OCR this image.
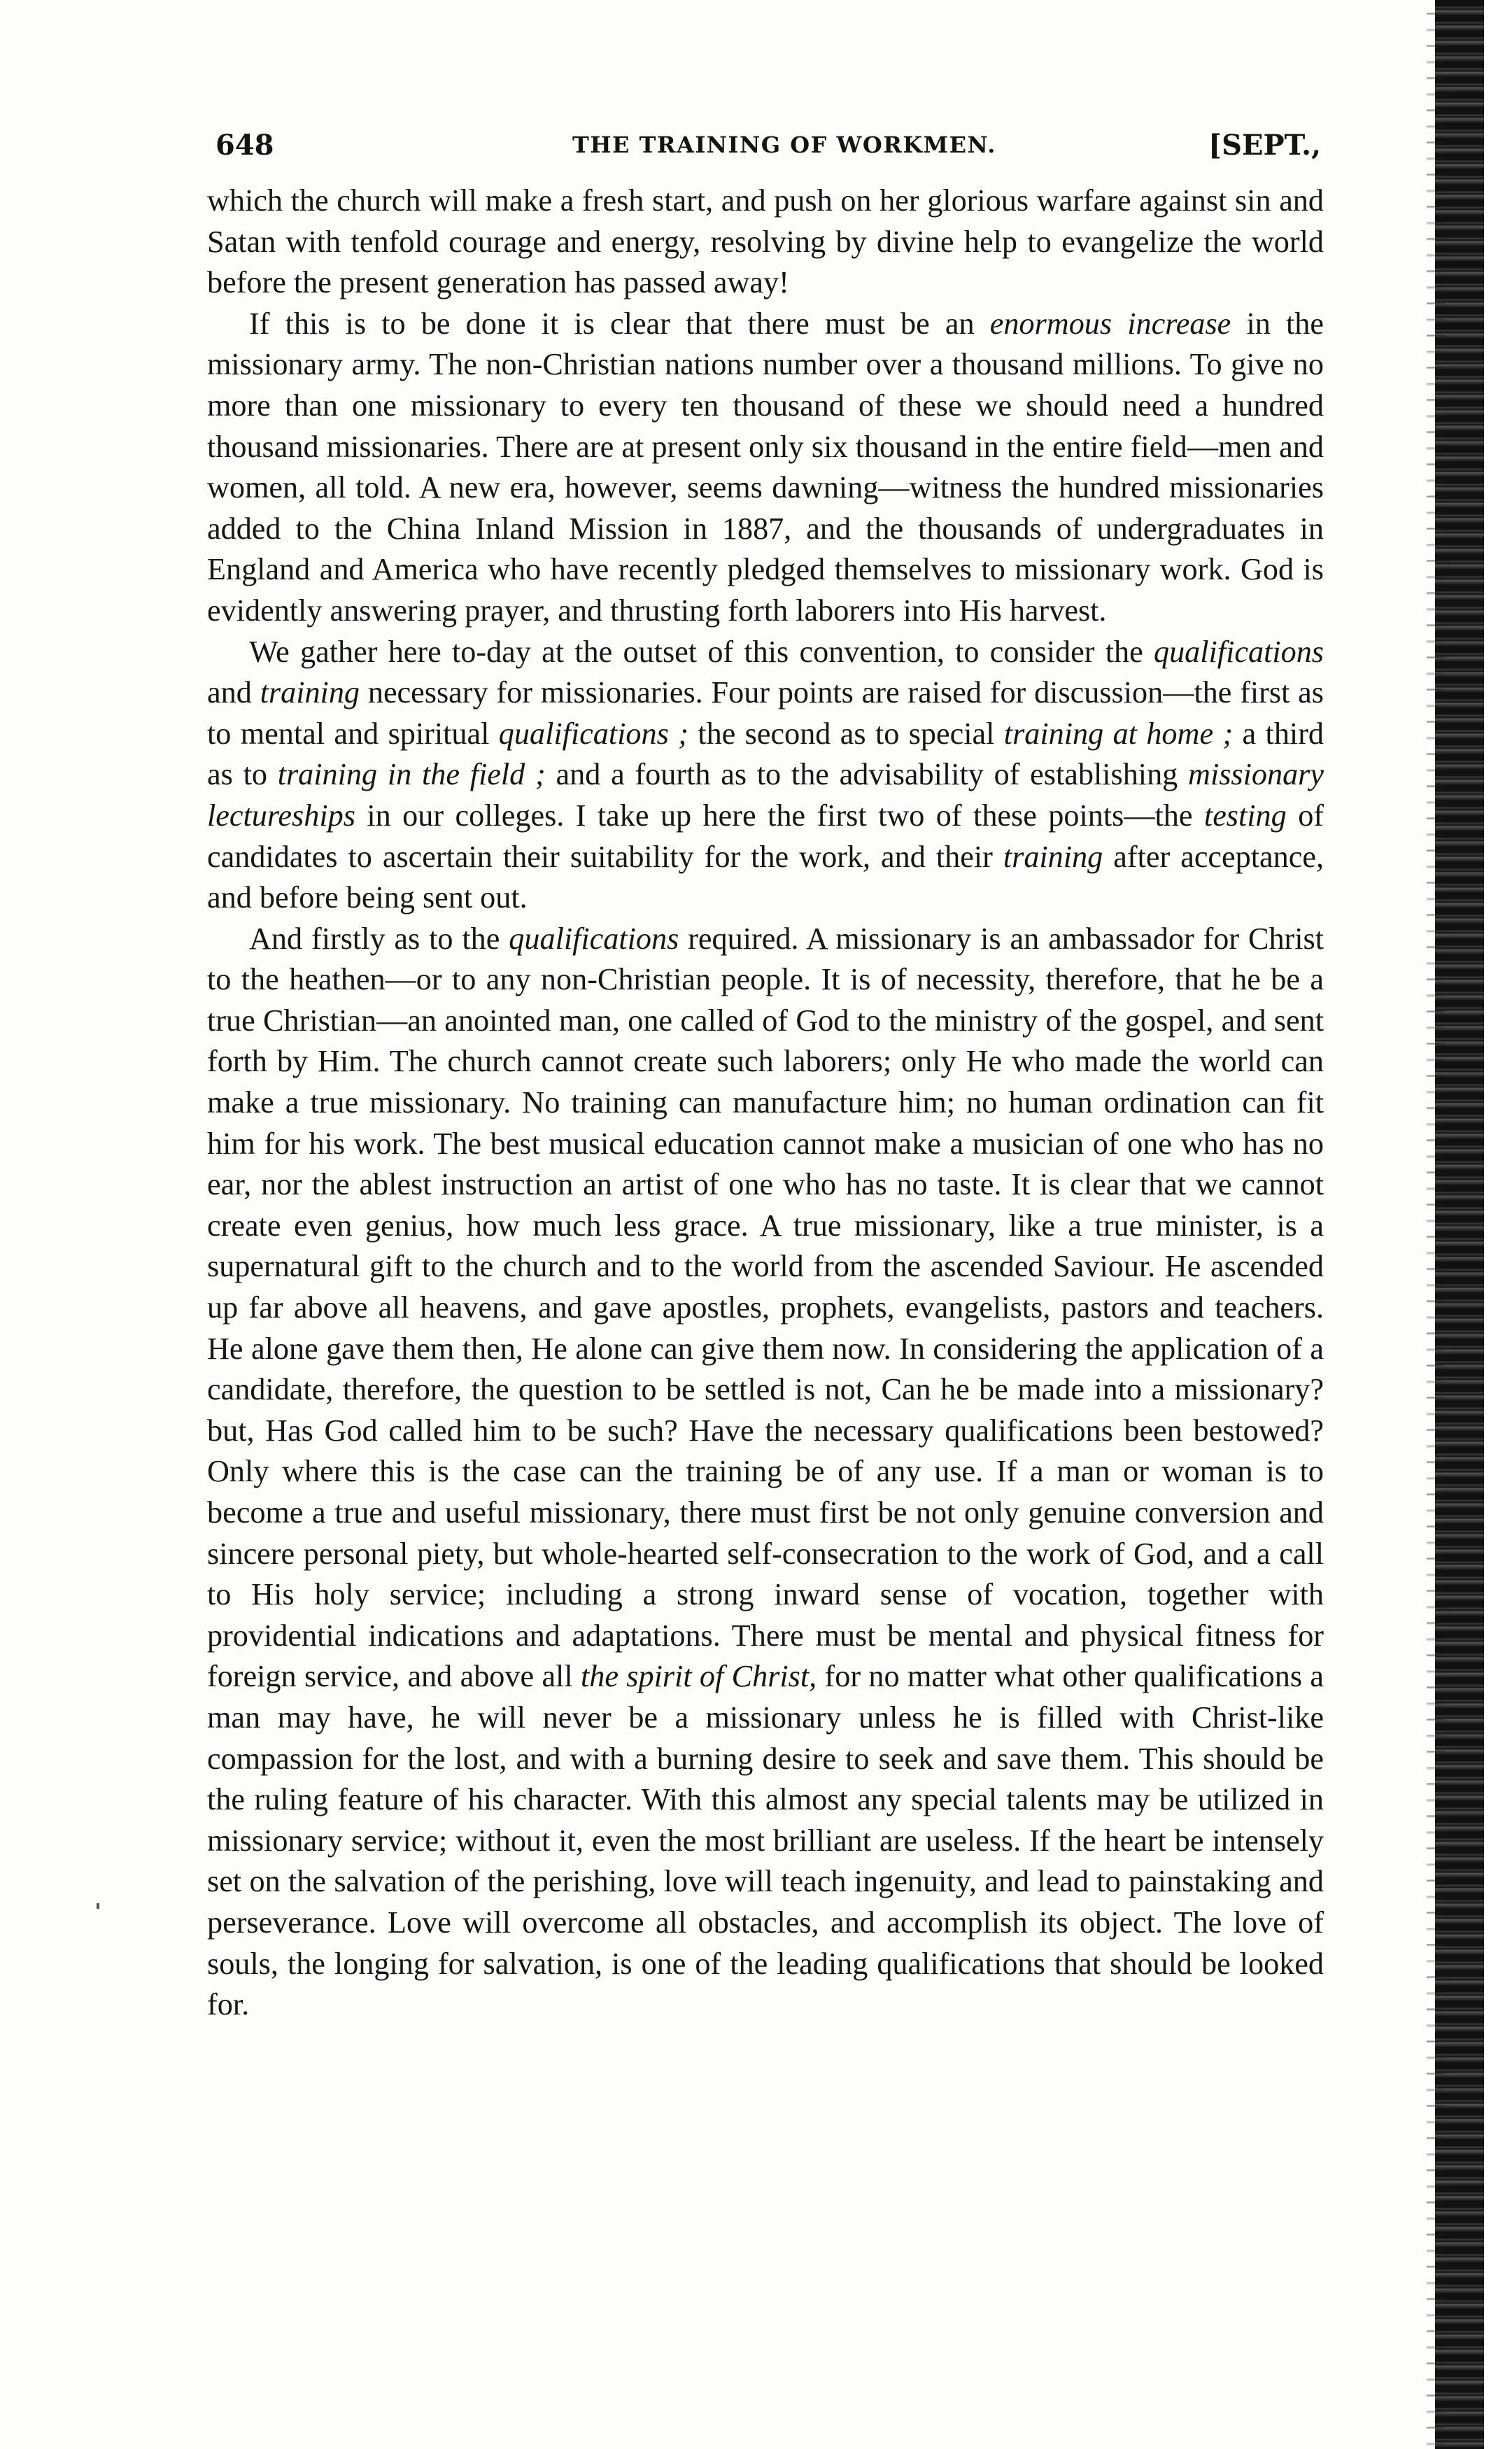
648	THE TRAINING OF WORKMEN.	[SEPT.,

which the church will make a fresh start, and push on her glorious warfare against sin and Satan with tenfold courage and energy, resolving by divine help to evangelize the world before the present generation has passed away!

If this is to be done it is clear that there must be an enormous increase in the missionary army. The non-Christian nations number over a thousand millions. To give no more than one missionary to every ten thousand of these we should need a hundred thousand missionaries. There are at present only six thousand in the entire field—men and women, all told. A new era, however, seems dawning—witness the hundred missionaries added to the China Inland Mission in 1887, and the thousands of undergraduates in England and America who have recently pledged themselves to missionary work. God is evidently answering prayer, and thrusting forth laborers into His harvest.

We gather here to-day at the outset of this convention, to consider the qualifications and training necessary for missionaries. Four points are raised for discussion—the first as to mental and spiritual qualifications ; the second as to special training at home ; a third as to training in the field ; and a fourth as to the advisability of establishing missionary lectureships in our colleges. I take up here the first two of these points—the testing of candidates to ascertain their suitability for the work, and their training after acceptance, and before being sent out.

And firstly as to the qualifications required. A missionary is an ambassador for Christ to the heathen—or to any non-Christian people. It is of necessity, therefore, that he be a true Christian—an anointed man, one called of God to the ministry of the gospel, and sent forth by Him. The church cannot create such laborers; only He who made the world can make a true missionary. No training can manufacture him; no human ordination can fit him for his work. The best musical education cannot make a musician of one who has no ear, nor the ablest instruction an artist of one who has no taste. It is clear that we cannot create even genius, how much less grace. A true missionary, like a true minister, is a supernatural gift to the church and to the world from the ascended Saviour. He ascended up far above all heavens, and gave apostles, prophets, evangelists, pastors and teachers. He alone gave them then, He alone can give them now. In considering the application of a candidate, therefore, the question to be settled is not, Can he be made into a missionary? but, Has God called him to be such? Have the necessary qualifications been bestowed? Only where this is the case can the training be of any use. If a man or woman is to become a true and useful missionary, there must first be not only genuine conversion and sincere personal piety, but whole-hearted self-consecration to the work of God, and a call to His holy service; including a strong inward sense of vocation, together with providential indications and adaptations. There must be mental and physical fitness for foreign service, and above all the spirit of Christ, for no matter what other qualifications a man may have, he will never be a missionary unless he is filled with Christ-like compassion for the lost, and with a burning desire to seek and save them. This should be the ruling feature of his character. With this almost any special talents may be utilized in missionary service; without it, even the most brilliant are useless. If the heart be intensely set on the salvation of the perishing, love will teach ingenuity, and lead to painstaking and perseverance. Love will overcome all obstacles, and accomplish its object. The love of souls, the longing for salvation, is one of the leading qualifications that should be looked for.
